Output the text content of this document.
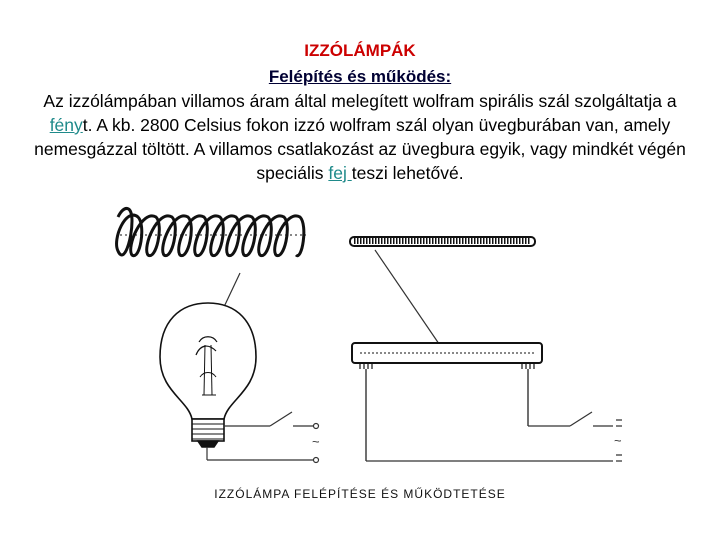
IZZÓLÁMPÁK
Felépítés és működés:
Az izzólámpában villamos áram által melegített wolfram spirális szál szolgáltatja a fényt. A kb. 2800 Celsius fokon izzó wolfram szál olyan üvegburában van, amely nemesgázzal töltött. A villamos csatlakozást az üvegbura egyik, vagy mindkét végén speciális fej teszi lehetővé.
~	~
IZZÓLÁMPA FELÉPÍTÉSE ÉS MŰKÖDTETÉSE
